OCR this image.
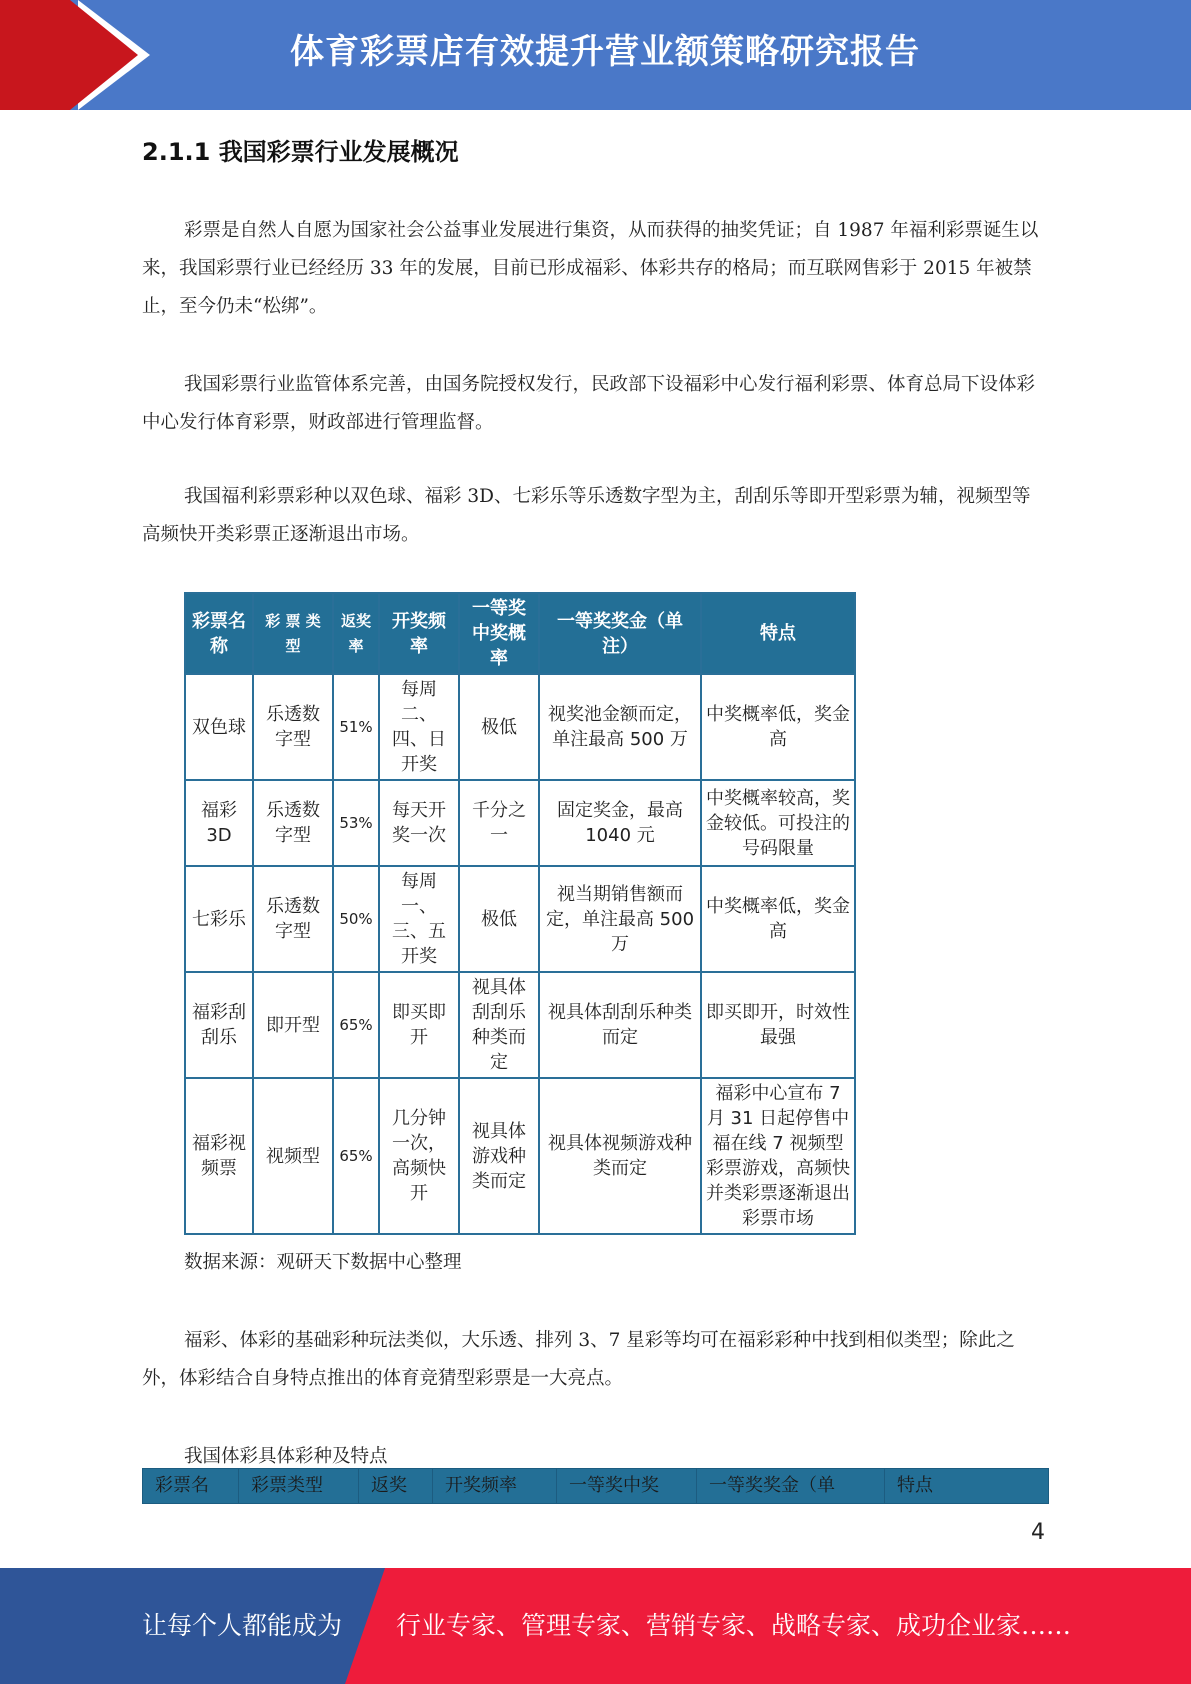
体育彩票店有效提升营业额策略研究报告
2.1.1 我国彩票行业发展概况

彩票是自然人自愿为国家社会公益事业发展进行集资，从而获得的抽奖凭证；自 1987 年福利彩票诞生以来，我国彩票行业已经经历 33 年的发展，目前已形成福彩、体彩共存的格局；而互联网售彩于 2015 年被禁止，至今仍未“松绑”。

我国彩票行业监管体系完善，由国务院授权发行，民政部下设福彩中心发行福利彩票、体育总局下设体彩中心发行体育彩票，财政部进行管理监督。

我国福利彩票彩种以双色球、福彩 3D、七彩乐等乐透数字型为主，刮刮乐等即开型彩票为辅，视频型等高频快开类彩票正逐渐退出市场。

彩票名称	彩 票 类 型	返奖率	开奖频率	一等奖中奖概率	一等奖奖金（单注）	特点
双色球	乐透数字型	51%	每周二、四、日开奖	极低	视奖池金额而定，单注最高 500 万	中奖概率低，奖金高
福彩 3D	乐透数字型	53%	每天开奖一次	千分之一	固定奖金，最高 1040 元	中奖概率较高，奖金较低。可投注的号码限量
七彩乐	乐透数字型	50%	每周一、三、五开奖	极低	视当期销售额而定，单注最高 500 万	中奖概率低，奖金高
福彩刮刮乐	即开型	65%	即买即开	视具体刮刮乐种类而定	视具体刮刮乐种类而定	即买即开，时效性最强
福彩视频票	视频型	65%	几分钟一次，高频快开	视具体游戏种类而定	视具体视频游戏种类而定	福彩中心宣布 7 月 31 日起停售中福在线 7 视频型彩票游戏，高频快并类彩票逐渐退出彩票市场
数据来源：观研天下数据中心整理

福彩、体彩的基础彩种玩法类似，大乐透、排列 3、7 星彩等均可在福彩彩种中找到相似类型；除此之外，体彩结合自身特点推出的体育竞猜型彩票是一大亮点。

我国体彩具体彩种及特点
彩票名	彩票类型	返奖	开奖频率	一等奖中奖	一等奖奖金（单	特点
4
让每个人都能成为 行业专家、管理专家、营销专家、战略专家、成功企业家……
